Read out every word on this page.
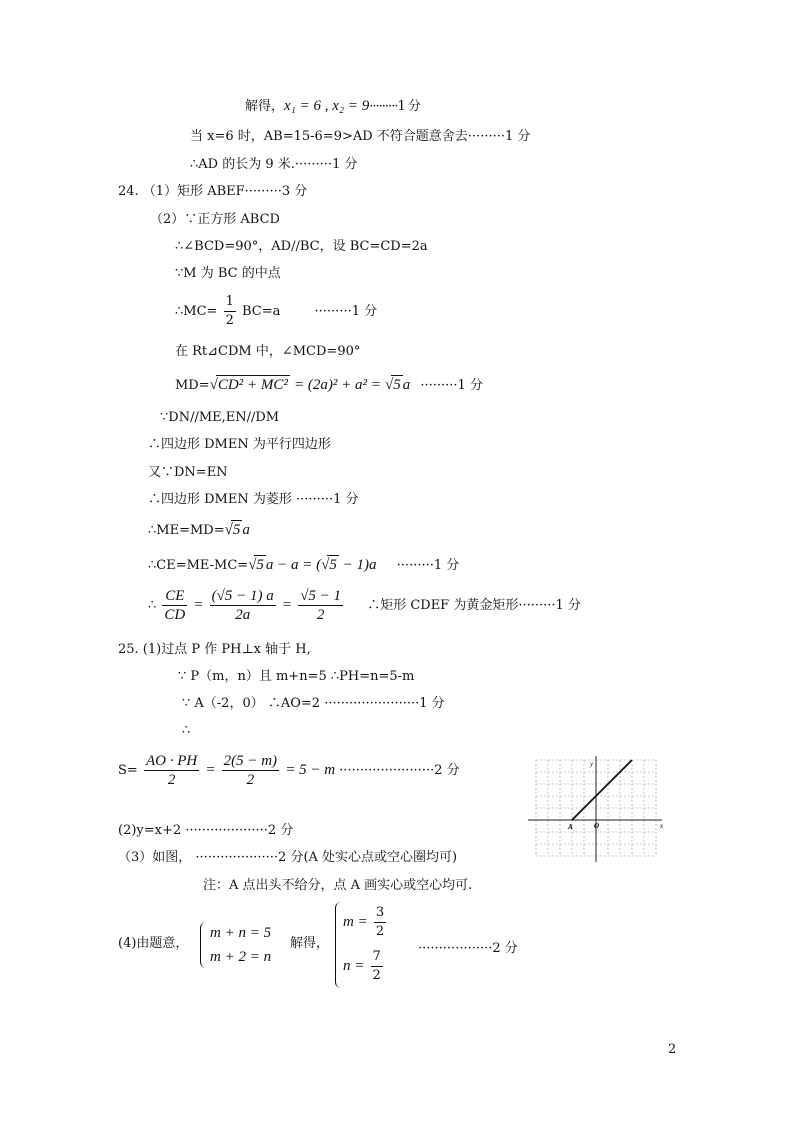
解得，x₁ = 6 , x₂ = 9·········1 分
当 x=6 时，AB=15-6=9>AD 不符合题意舍去·········1 分
∴AD 的长为 9 米.·········1 分
24. （1）矩形 ABEF·········3 分
（2）∵正方形 ABCD
∴∠BCD=90°，AD//BC，设 BC=CD=2a
∵M 为 BC 的中点
∴MC= $\frac{1}{2} BC=a$	·········1 分
在 Rt⊿CDM 中，∠MCD=90°
MD=√CD² + MC² = (2a)² + a² = √5 a ·········1 分
∵DN//ME,EN//DM
∴四边形 DMEN 为平行四边形
又∵DN=EN
∴四边形 DMEN 为菱形 ·········1 分
∴ME=MD=√5 a
∴CE=ME-MC=√5 a − a = (√5 − 1)a ·········1 分
∴ $\frac{CE}{CD} = \frac{(√5 - 1) a}{2a} = \frac{√5 - 1}{2}$ ∴矩形 CDEF 为黄金矩形·········1 分
25. (1)过点 P 作 PH⊥x 轴于 H,
∵ P（m，n）且 m+n=5 ∴PH=n=5-m
∵ A（-2，0） ∴AO=2 ·······················1 分
∴
$S= \frac{AO \cdot PH}{2} = \frac{2(5 - m)}{2} = 5 - m \cdot\cdot\cdot\cdot\cdot\cdot\cdot\cdot\cdot\cdot\cdot\cdot\cdot\cdot\cdot\cdot\cdot\cdot\cdot\cdot\cdot\cdot\cdot 2$ 分
(2)y=x+2 ····················2 分
（3）如图， ····················2 分(A 处实心点或空心圈均可)
注：A 点出头不给分，点 A 画实心或空心均可.
(4)由题意，
m + n = 5
m + 2 = n
解得，
$m = \frac{3}{2}$
$n = \frac{7}{2}$	··················2 分
y
x
A	O
2
